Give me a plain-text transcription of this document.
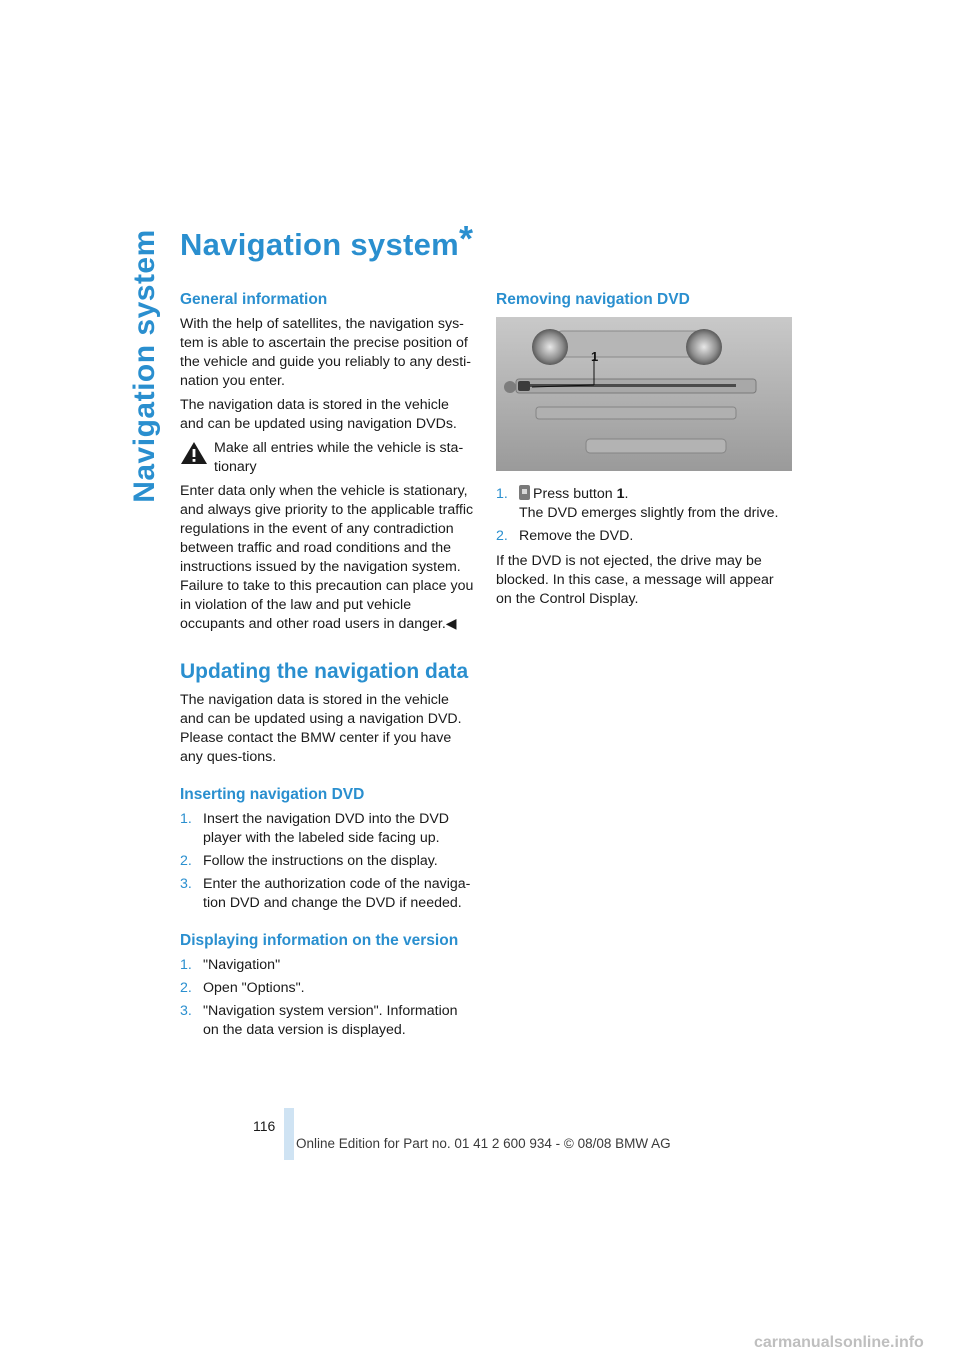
Navigation system Navigation system*
General information

With the help of satellites, the navigation sys-tem is able to ascertain the precise position of the vehicle and guide you reliably to any desti-nation you enter.

The navigation data is stored in the vehicle and can be updated using navigation DVDs.

Make all entries while the vehicle is sta-tionary

Enter data only when the vehicle is stationary, and always give priority to the applicable traffic regulations in the event of any contradiction between traffic and road conditions and the instructions issued by the navigation system. Failure to take to this precaution can place you in violation of the law and put vehicle occupants and other road users in danger.◀

Updating the navigation data

The navigation data is stored in the vehicle and can be updated using a navigation DVD. Please contact the BMW center if you have any ques-tions.

Inserting navigation DVD
1. Insert the navigation DVD into the DVD player with the labeled side facing up.
2. Follow the instructions on the display.
3. Enter the authorization code of the naviga-tion DVD and change the DVD if needed.
Displaying information on the version
1. "Navigation"
2. Open "Options".
3. "Navigation system version". Information on the data version is displayed.
Removing navigation DVD
1
1. Press button 1.
The DVD emerges slightly from the drive.
2. Remove the DVD.

If the DVD is not ejected, the drive may be blocked. In this case, a message will appear on the Control Display.

116
Online Edition for Part no. 01 41 2 600 934 - © 08/08 BMW AG
carmanualsonline.info
